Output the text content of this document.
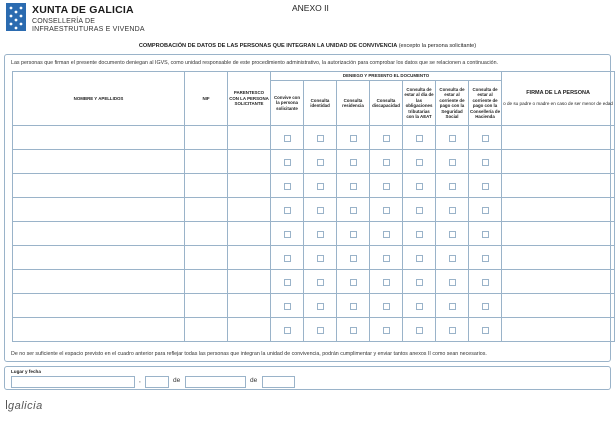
XUNTA DE GALICIA
CONSELLERÍA DE
INFRAESTRUTURAS E VIVENDA
ANEXO II
COMPROBACIÓN DE DATOS DE LAS PERSONAS QUE INTEGRAN LA UNIDAD DE CONVIVENCIA (excepto la persona solicitante)
Las personas que firman el presente documento deniegan al IGVS, como unidad responsable de este procedimiento administrativo, la autorización para comprobar los datos que se relacionen a continuación.
NOMBRE Y APELLIDOS	NIF	PARENTESCO CON LA PERSONA SOLICITANTE	DENIEGO Y PRESENTO EL DOCUMENTO							FIRMA DE LA PERSONA
o de su padre o madre en caso de ser menor de edad

			Convive con la persona solicitante	Consulta identidad	Consulta residencia	Consulta discapacidad	Consulta de estar al día de las obligaciones tributarias con la AEAT	Consulta de estar al corriente de pago con la Seguridad Social	Consulta de estar al corriente de pago con la Consellería de Hacienda	

De no ser suficiente el espacio previsto en el cuadro anterior para reflejar todas las personas que integran la unidad de convivencia, podrán cumplimentar y enviar tantos anexos II como sean necesarios.
Lugar y fecha
,	de	de
galicia
